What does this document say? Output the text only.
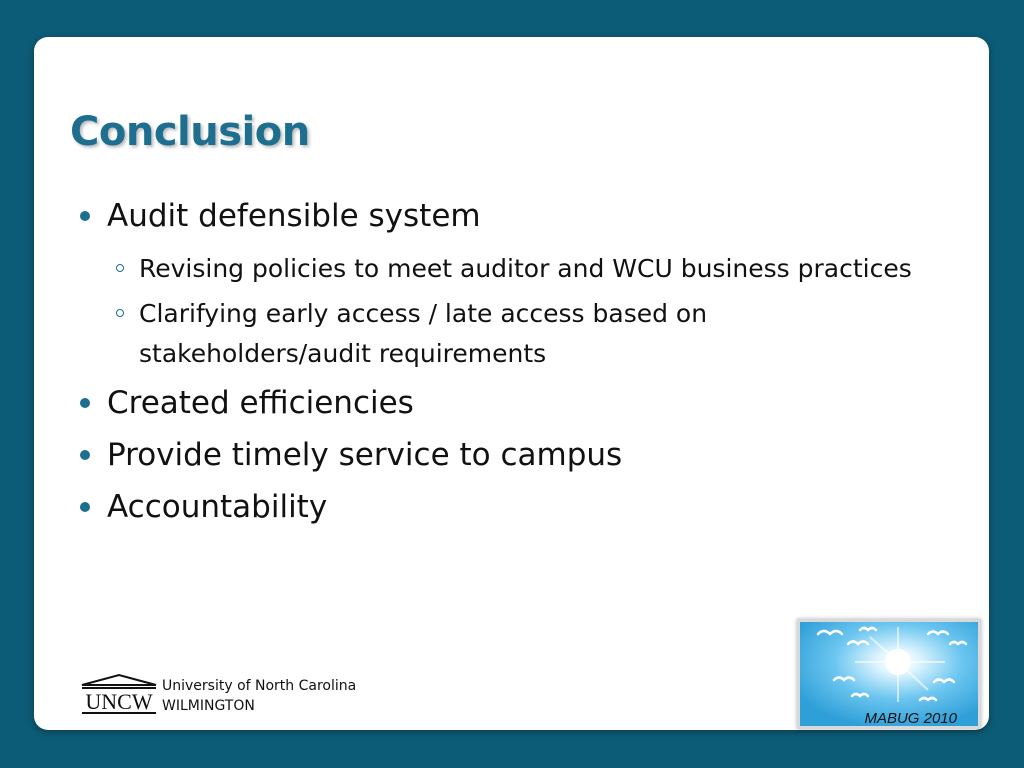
Conclusion
Audit defensible system
Revising policies to meet auditor and WCU business practices
Clarifying early access / late access based on stakeholders/audit requirements
Created efficiencies
Provide timely service to campus
Accountability
UNCW
University of North Carolina
WILMINGTON
MABUG 2010
